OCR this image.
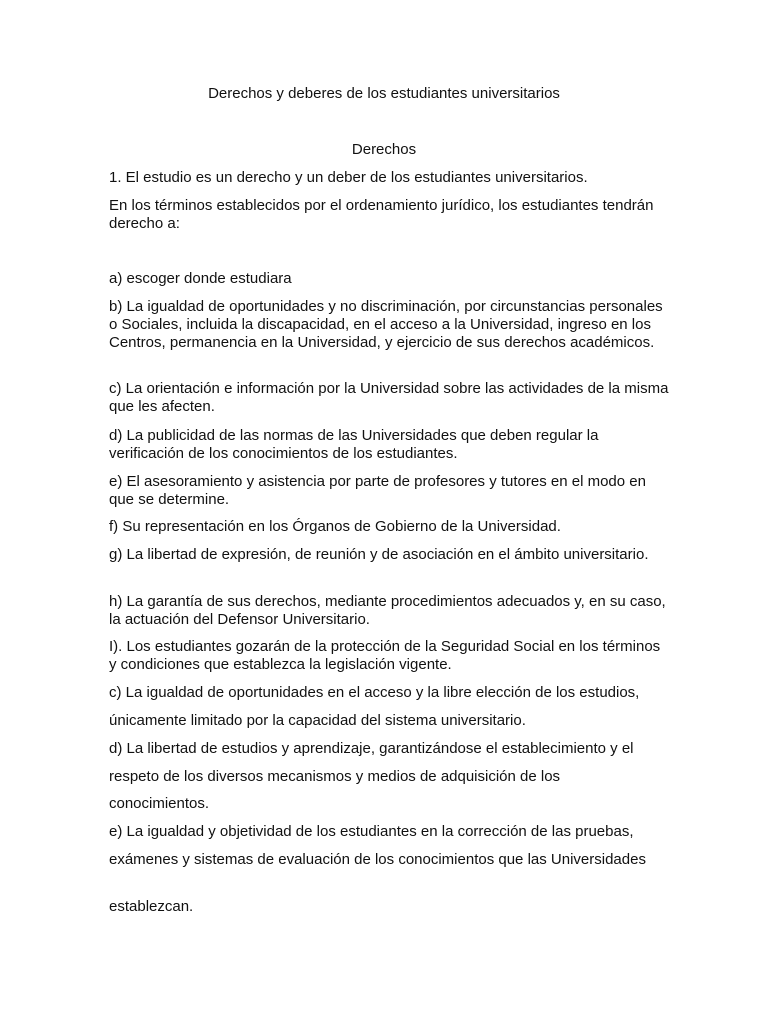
Derechos y deberes de los estudiantes universitarios
Derechos

1. El estudio es un derecho y un deber de los estudiantes universitarios.

En los términos establecidos por el ordenamiento jurídico, los estudiantes tendrán derecho a:

a) escoger donde estudiara

b) La igualdad de oportunidades y no discriminación, por circunstancias personales o Sociales, incluida la discapacidad, en el acceso a la Universidad, ingreso en los Centros, permanencia en la Universidad, y ejercicio de sus derechos académicos.

c) La orientación e información por la Universidad sobre las actividades de la misma que les afecten.

d) La publicidad de las normas de las Universidades que deben regular la verificación de los conocimientos de los estudiantes.

e) El asesoramiento y asistencia por parte de profesores y tutores en el modo en que se determine.

f) Su representación en los Órganos de Gobierno de la Universidad.

g) La libertad de expresión, de reunión y de asociación en el ámbito universitario.

h) La garantía de sus derechos, mediante procedimientos adecuados y, en su caso, la actuación del Defensor Universitario.

I). Los estudiantes gozarán de la protección de la Seguridad Social en los términos y condiciones que establezca la legislación vigente.

c) La igualdad de oportunidades en el acceso y la libre elección de los estudios,

únicamente limitado por la capacidad del sistema universitario.

d) La libertad de estudios y aprendizaje, garantizándose el establecimiento y el

respeto de los diversos mecanismos y medios de adquisición de los

conocimientos.

e) La igualdad y objetividad de los estudiantes en la corrección de las pruebas,

exámenes y sistemas de evaluación de los conocimientos que las Universidades

establezcan.
